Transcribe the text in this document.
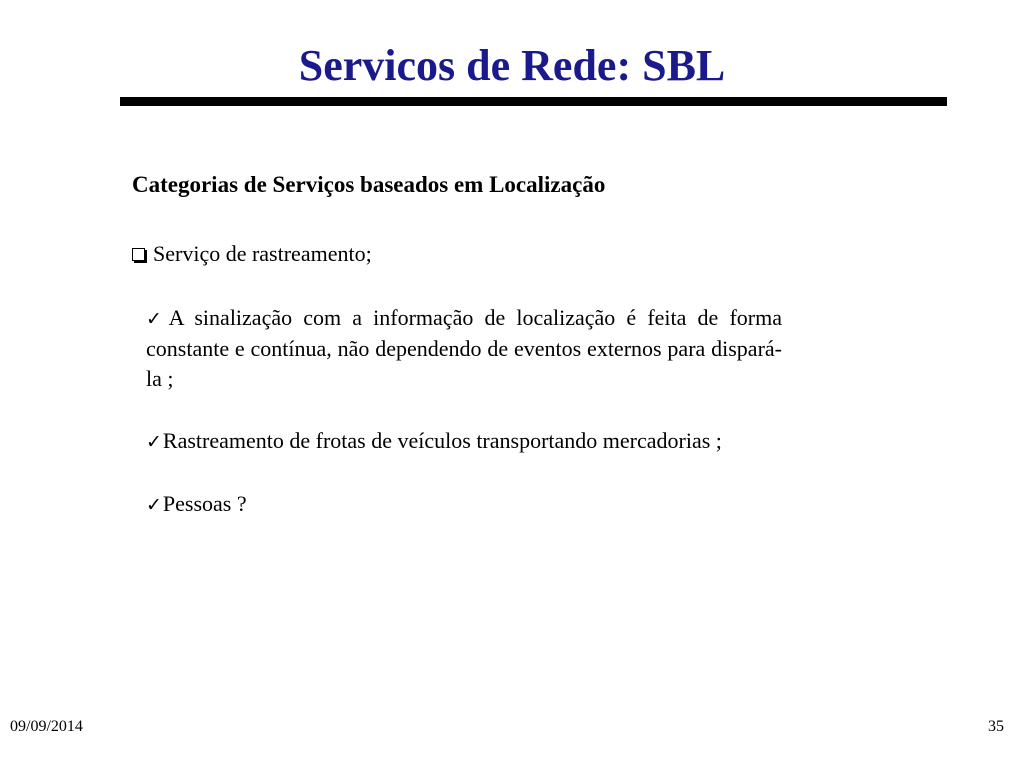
Servicos de Rede: SBL
Categorias de Serviços baseados em Localização
Serviço de rastreamento;

✓A sinalização com a informação de localização é feita de forma constante e contínua, não dependendo de eventos externos para dispará-la ;

✓Rastreamento de frotas de veículos transportando mercadorias ;

✓Pessoas ?

09/09/2014	35
